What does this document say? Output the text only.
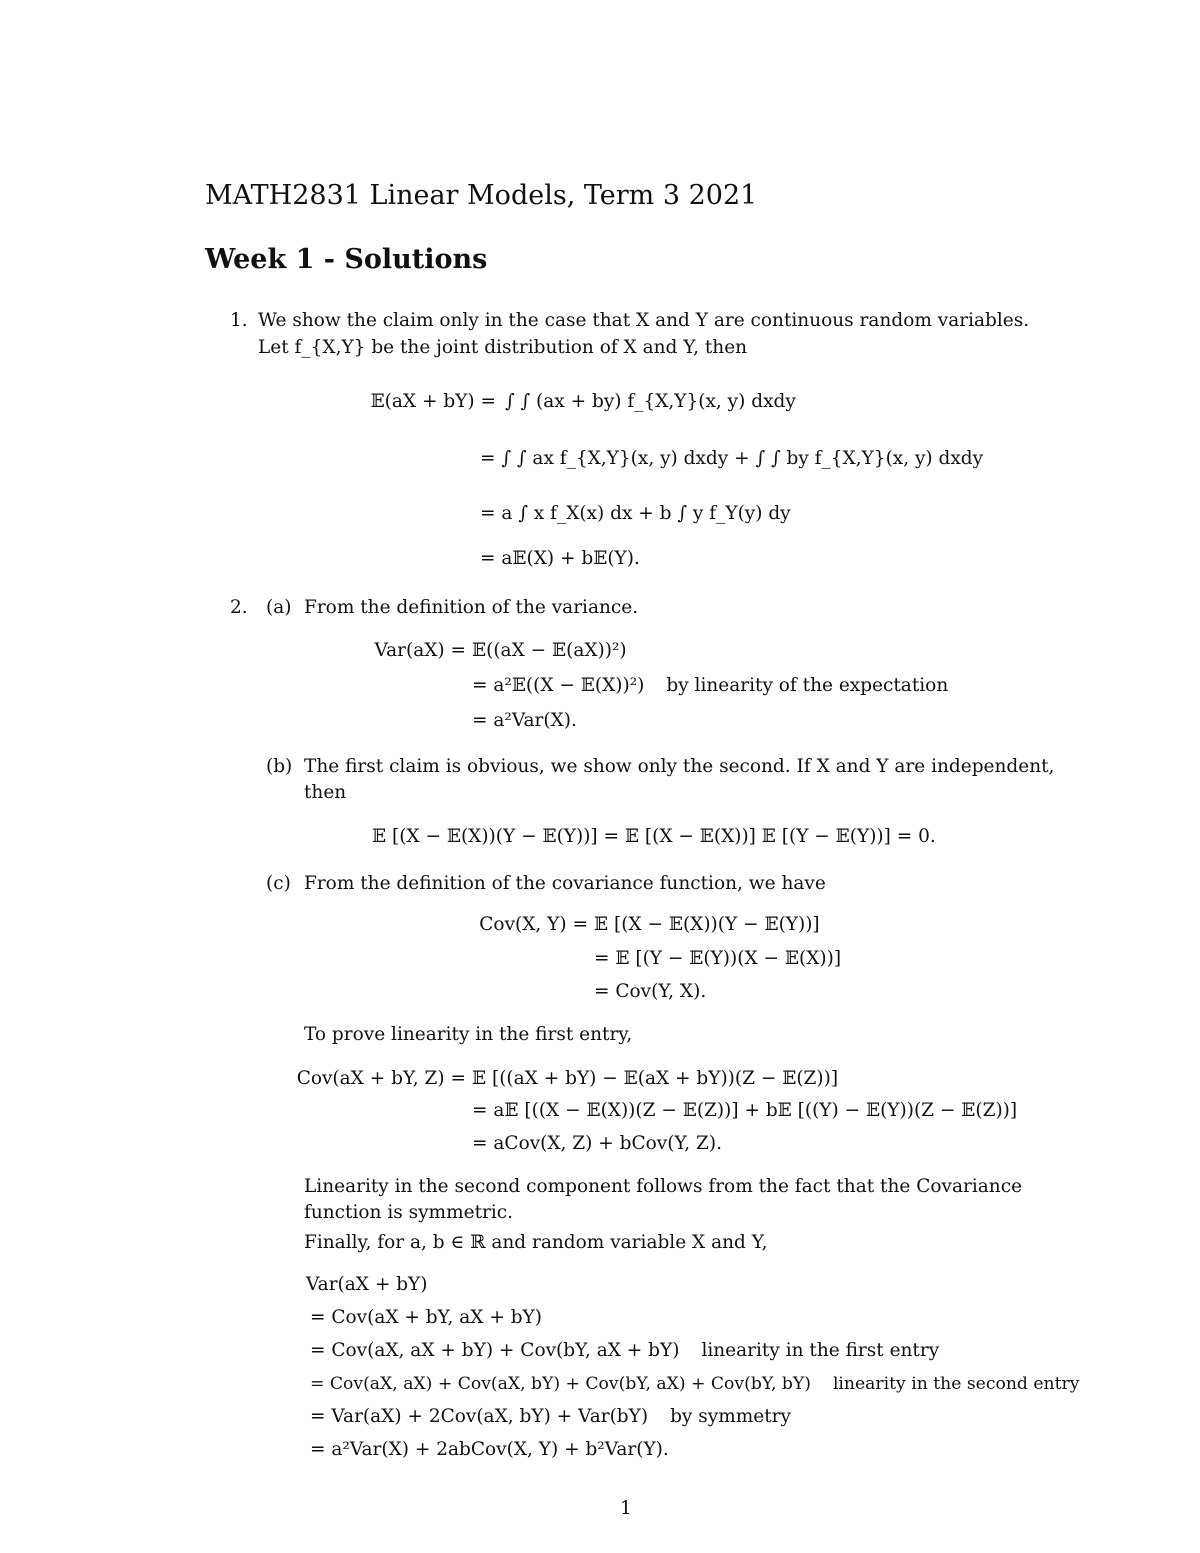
MATH2831 Linear Models, Term 3 2021
Week 1 - Solutions
1. We show the claim only in the case that X and Y are continuous random variables.
Let f_{X,Y} be the joint distribution of X and Y, then
𝔼(aX + bY) = ∫ ∫ (ax + by) f_{X,Y}(x, y) dxdy
= ∫ ∫ ax f_{X,Y}(x, y) dxdy + ∫ ∫ by f_{X,Y}(x, y) dxdy
= a ∫ x f_X(x) dx + b ∫ y f_Y(y) dy
= a𝔼(X) + b𝔼(Y).
2. (a) From the definition of the variance.
Var(aX) = 𝔼((aX − 𝔼(aX))²)
= a²𝔼((X − 𝔼(X))²) by linearity of the expectation
= a²Var(X).
(b) The first claim is obvious, we show only the second. If X and Y are independent,
then
𝔼 [(X − 𝔼(X))(Y − 𝔼(Y))] = 𝔼 [(X − 𝔼(X))] 𝔼 [(Y − 𝔼(Y))] = 0.
(c) From the definition of the covariance function, we have
Cov(X, Y) = 𝔼 [(X − 𝔼(X))(Y − 𝔼(Y))]
= 𝔼 [(Y − 𝔼(Y))(X − 𝔼(X))]
= Cov(Y, X).
To prove linearity in the first entry,
Cov(aX + bY, Z) = 𝔼 [((aX + bY) − 𝔼(aX + bY))(Z − 𝔼(Z))]
= a𝔼 [((X − 𝔼(X))(Z − 𝔼(Z))] + b𝔼 [((Y) − 𝔼(Y))(Z − 𝔼(Z))]
= aCov(X, Z) + bCov(Y, Z).
Linearity in the second component follows from the fact that the Covariance
function is symmetric.
Finally, for a, b ∈ ℝ and random variable X and Y,
Var(aX + bY)
= Cov(aX + bY, aX + bY)
= Cov(aX, aX + bY) + Cov(bY, aX + bY) linearity in the first entry
= Cov(aX, aX) + Cov(aX, bY) + Cov(bY, aX) + Cov(bY, bY) linearity in the second entry
= Var(aX) + 2Cov(aX, bY) + Var(bY) by symmetry
= a²Var(X) + 2abCov(X, Y) + b²Var(Y).
1
